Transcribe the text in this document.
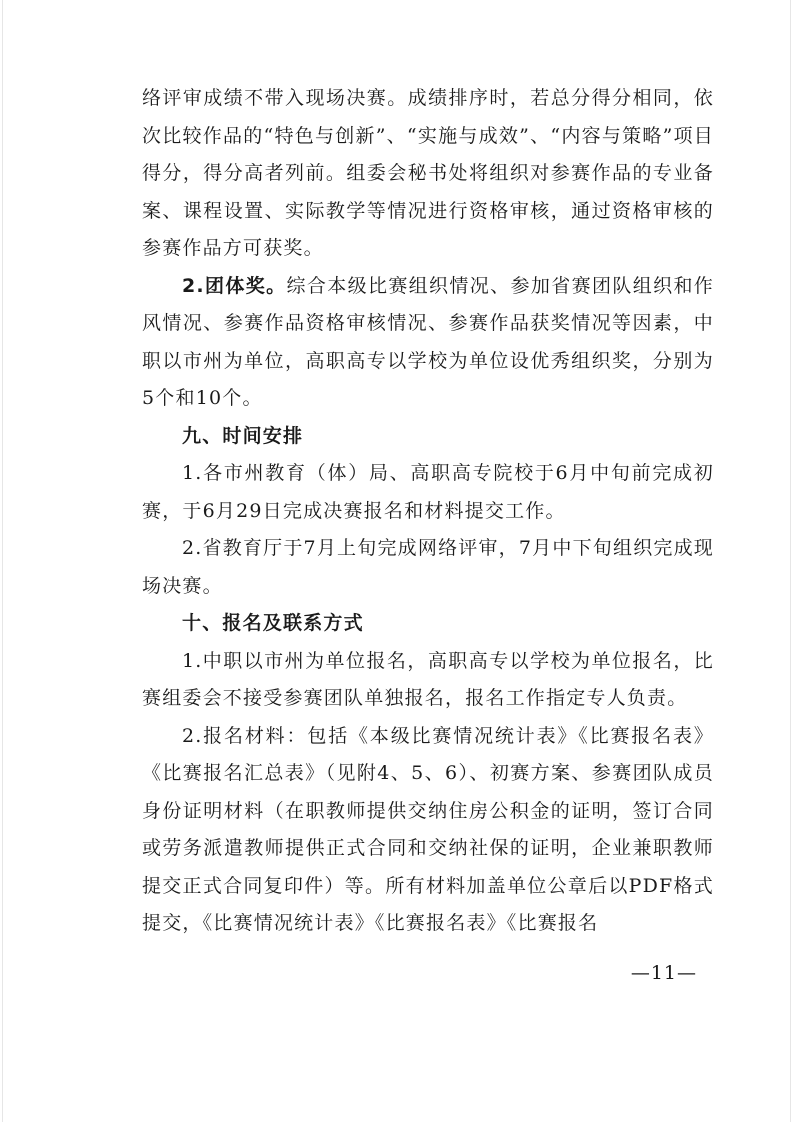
络评审成绩不带入现场决赛。成绩排序时，若总分得分相同，依次比较作品的“特色与创新”、“实施与成效”、“内容与策略”项目得分，得分高者列前。组委会秘书处将组织对参赛作品的专业备案、课程设置、实际教学等情况进行资格审核，通过资格审核的参赛作品方可获奖。

2.团体奖。综合本级比赛组织情况、参加省赛团队组织和作风情况、参赛作品资格审核情况、参赛作品获奖情况等因素，中职以市州为单位，高职高专以学校为单位设优秀组织奖，分别为5个和10个。

九、时间安排

1.各市州教育（体）局、高职高专院校于6月中旬前完成初赛，于6月29日完成决赛报名和材料提交工作。

2.省教育厅于7月上旬完成网络评审，7月中下旬组织完成现场决赛。

十、报名及联系方式

1.中职以市州为单位报名，高职高专以学校为单位报名，比赛组委会不接受参赛团队单独报名，报名工作指定专人负责。

2.报名材料：包括《本级比赛情况统计表》《比赛报名表》《比赛报名汇总表》（见附4、5、6）、初赛方案、参赛团队成员身份证明材料（在职教师提供交纳住房公积金的证明，签订合同或劳务派遣教师提供正式合同和交纳社保的证明，企业兼职教师提交正式合同复印件）等。所有材料加盖单位公章后以PDF格式提交，《比赛情况统计表》《比赛报名表》《比赛报名

—11—
